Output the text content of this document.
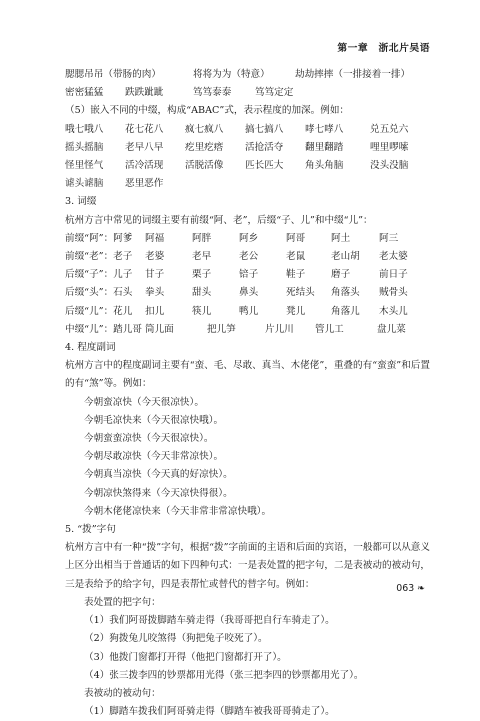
第一章　浙北片吴语
腮腮吊吊（带肠的肉）	将将为为（特意）	劫劫摔摔（一排接着一排）
密密猛猛	跌跌跐跐	笃笃泰泰	笃笃定定
（5）嵌入不同的中缀，构成“ABAC”式，表示程度的加深。例如：
哦七哦八	花七花八	疯七疯八	搞七搞八	哮七哮八	兑五兑六
摇头摇脑	老早八早	疙里疙瘩	活抢活夺	翻里翻踏	哩里啰嗦
怪里怪气	活冷活现	活脱活像	匹长匹大	角头角脑	没头没脑
谑头谑脑	恶里恶作
3. 词缀
杭州方言中常见的词缀主要有前缀“阿、老”，后缀“子、儿”和中缀“儿”：
前缀“阿”：阿爹	阿福	阿胖	阿乡	阿哥	阿土	阿三
前缀“老”：老子	老婆	老早	老公	老鼠	老山胡	老太婆
后缀“子”：儿子	甘子	栗子	锫子	鞋子	磨子	前日子
后缀“头”：石头	拳头	甜头	鼻头	死结头	角落头	贼骨头
后缀“儿”：花儿	扣儿	筷儿	鸭儿	凳儿	角落儿	木头儿
中缀“儿”：踏儿哥 筒儿面	把儿笋	片儿川	管儿工	盘儿菜
4. 程度副词
杭州方言中的程度副词主要有“蛮、毛、尽敢、真当、木佬佬”，重叠的有“蛮蛮”和后置的有“煞”等。例如：
今朝蛮凉快（今天很凉快）。
今朝毛凉快来（今天很凉快哦）。
今朝蛮蛮凉快（今天很凉快）。
今朝尽敢凉快（今天非常凉快）。
今朝真当凉快（今天真的好凉快）。
今朝凉快煞得来（今天凉快得很）。
今朝木佬佬凉快来（今天非常非常凉快哦）。
5. “拨”字句
杭州方言中有一种“拨”字句，根据“拨”字前面的主语和后面的宾语，一般都可以从意义上区分出相当于普通话的如下四种句式：一是表处置的把字句，二是表被动的被动句，三是表给予的给字句，四是表帮忙或替代的替字句。例如：
表处置的把字句：
（1）我们阿哥拨脚踏车骑走得（我哥哥把自行车骑走了）。
（2）狗拨兔儿咬煞得（狗把兔子咬死了）。
（3）他拨门窗都打开得（他把门窗都打开了）。
（4）张三拨李四的钞票都用光得（张三把李四的钞票都用光了）。
表被动的被动句：
（1）脚踏车拨我们阿哥骑走得（脚踏车被我哥哥骑走了）。
063 ❧
